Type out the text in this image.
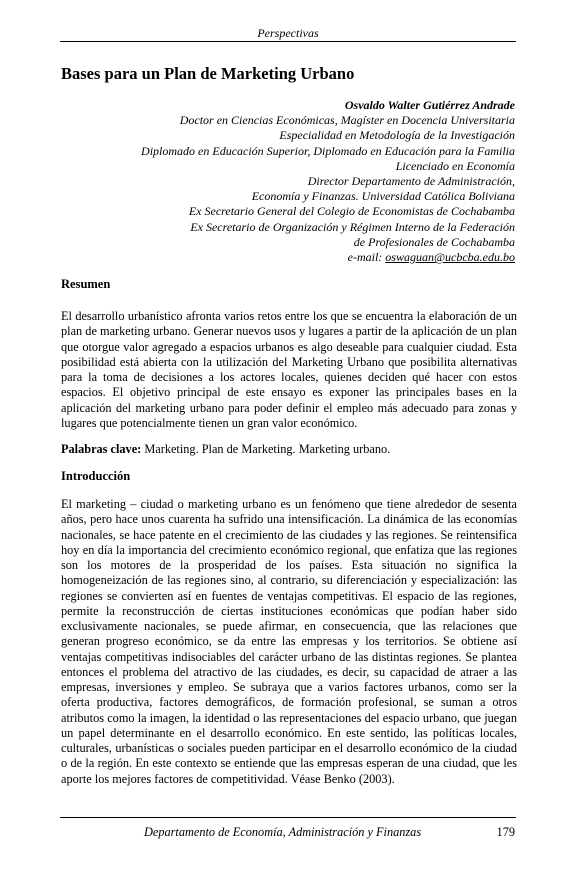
Perspectivas
Bases para un Plan de Marketing Urbano
Osvaldo Walter Gutiérrez Andrade
Doctor en Ciencias Económicas, Magíster en Docencia Universitaria
Especialidad en Metodología de la Investigación
Diplomado en Educación Superior, Diplomado en Educación para la Familia
Licenciado en Economía
Director Departamento de Administración,
Economía y Finanzas. Universidad Católica Boliviana
Ex Secretario General del Colegio de Economistas de Cochabamba
Ex Secretario de Organización y Régimen Interno de la Federación
de Profesionales de Cochabamba
e-mail: oswaguan@ucbcba.edu.bo
Resumen

El desarrollo urbanístico afronta varios retos entre los que se encuentra la elaboración de un plan de marketing urbano. Generar nuevos usos y lugares a partir de la aplicación de un plan que otorgue valor agregado a espacios urbanos es algo deseable para cualquier ciudad. Esta posibilidad está abierta con la utilización del Marketing Urbano que posibilita alternativas para la toma de decisiones a los actores locales, quienes deciden qué hacer con estos espacios. El objetivo principal de este ensayo es exponer las principales bases en la aplicación del marketing urbano para poder definir el empleo más adecuado para zonas y lugares que potencialmente tienen un gran valor económico.

Palabras clave: Marketing. Plan de Marketing. Marketing urbano.
Introducción

El marketing – ciudad o marketing urbano es un fenómeno que tiene alrededor de sesenta años, pero hace unos cuarenta ha sufrido una intensificación. La dinámica de las economías nacionales, se hace patente en el crecimiento de las ciudades y las regiones. Se reintensifica hoy en día la importancia del crecimiento económico regional, que enfatiza que las regiones son los motores de la prosperidad de los países. Esta situación no significa la homogeneización de las regiones sino, al contrario, su diferenciación y especialización: las regiones se convierten así en fuentes de ventajas competitivas. El espacio de las regiones, permite la reconstrucción de ciertas instituciones económicas que podían haber sido exclusivamente nacionales, se puede afirmar, en consecuencia, que las relaciones que generan progreso económico, se da entre las empresas y los territorios. Se obtiene así ventajas competitivas indisociables del carácter urbano de las distintas regiones. Se plantea entonces el problema del atractivo de las ciudades, es decir, su capacidad de atraer a las empresas, inversiones y empleo. Se subraya que a varios factores urbanos, como ser la oferta productiva, factores demográficos, de formación profesional, se suman a otros atributos como la imagen, la identidad o las representaciones del espacio urbano, que juegan un papel determinante en el desarrollo económico. En este sentido, las políticas locales, culturales, urbanísticas o sociales pueden participar en el desarrollo económico de la ciudad o de la región. En este contexto se entiende que las empresas esperan de una ciudad, que les aporte los mejores factores de competitividad. Véase Benko (2003).

Departamento de Economía, Administración y Finanzas	179
